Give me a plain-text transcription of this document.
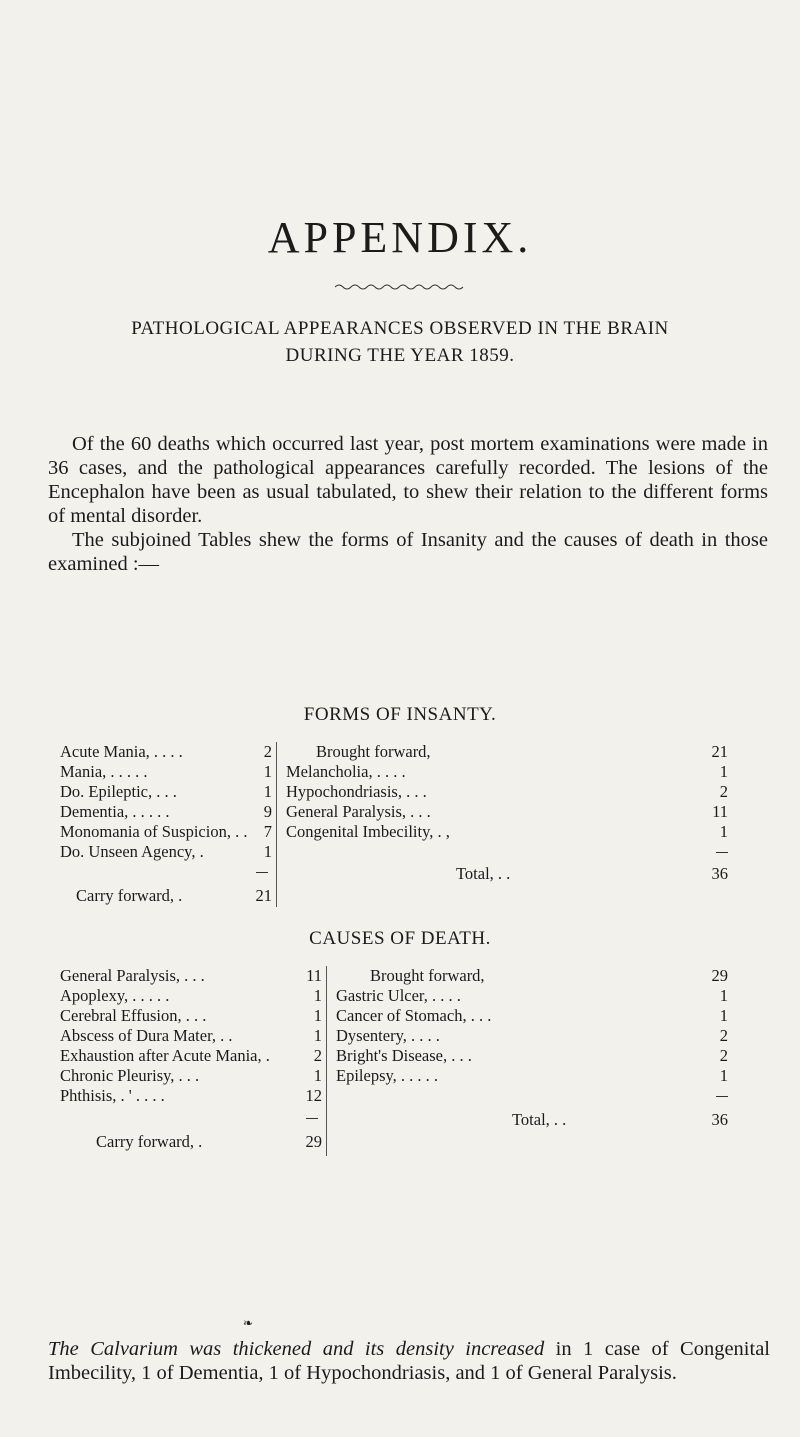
APPENDIX.
PATHOLOGICAL APPEARANCES OBSERVED IN THE BRAIN
DURING THE YEAR 1859.

Of the 60 deaths which occurred last year, post mortem examinations were made in 36 cases, and the pathological appearances carefully recorded. The lesions of the Encephalon have been as usual tabulated, to shew their relation to the different forms of mental disorder.

The subjoined Tables shew the forms of Insanity and the causes of death in those examined :—

FORMS OF INSANTY.
Acute Mania, . . . .	2
Mania, . . . . .	1
Do. Epileptic, . . .	1
Dementia, . . . . .	9
Monomania of Suspicion, . . 7
Do. Unseen Agency, .	1
Carry forward, .	21
Brought forward,	21
Melancholia, . . . .	1
Hypochondriasis, . . .	2
General Paralysis, . . .	11
Congenital Imbecility, . ,	1
Total, . .	36
CAUSES OF DEATH.
General Paralysis, . . .	11
Apoplexy, . . . . .	1
Cerebral Effusion, . . .	1
Abscess of Dura Mater, . .	1
Exhaustion after Acute Mania, .	2
Chronic Pleurisy, . . .	1
Phthisis, . ' . . . .	12
Carry forward, .	29
Brought forward,	29
Gastric Ulcer, . . . .	1
Cancer of Stomach, . . .	1
Dysentery, . . . .	2
Bright's Disease, . . .	2
Epilepsy, . . . . .	1
Total, . .	36
❧
The Calvarium was thickened and its density increased in 1 case of Congenital Imbecility, 1 of Dementia, 1 of Hypochondriasis, and 1 of General Paralysis.
